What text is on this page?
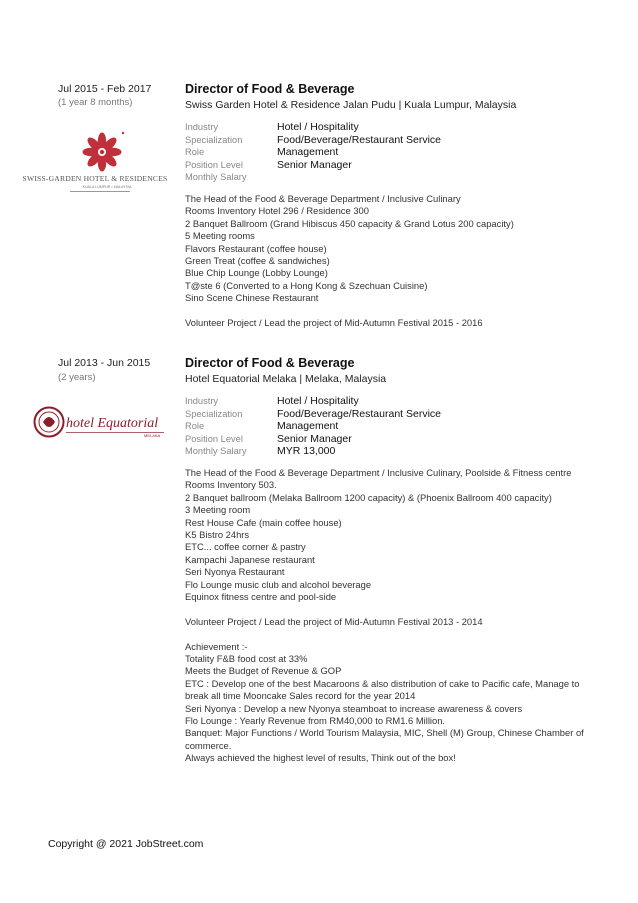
Jul 2015 - Feb 2017
(1 year 8 months)
SWISS-GARDEN HOTEL & RESIDENCES
KUALA LUMPUR • MALAYSIA
Director of Food & Beverage
Swiss Garden Hotel & Residence Jalan Pudu | Kuala Lumpur, Malaysia
Industry	Hotel / Hospitality
Specialization	Food/Beverage/Restaurant Service
Role	Management
Position Level	Senior Manager
Monthly Salary
The Head of the Food & Beverage Department / Inclusive Culinary
Rooms Inventory Hotel 296 / Residence 300
2 Banquet Ballroom (Grand Hibiscus 450 capacity & Grand Lotus 200 capacity)
5 Meeting rooms
Flavors Restaurant (coffee house)
Green Treat (coffee & sandwiches)
Blue Chip Lounge (Lobby Lounge)
T@ste 6 (Converted to a Hong Kong & Szechuan Cuisine)
Sino Scene Chinese Restaurant
Volunteer Project / Lead the project of Mid-Autumn Festival 2015 - 2016
Jul 2013 - Jun 2015
(2 years)
hotel Equatorial
MELAKA
Director of Food & Beverage
Hotel Equatorial Melaka | Melaka, Malaysia
Industry	Hotel / Hospitality
Specialization	Food/Beverage/Restaurant Service
Role	Management
Position Level	Senior Manager
Monthly Salary	MYR 13,000
The Head of the Food & Beverage Department / Inclusive Culinary, Poolside & Fitness centre
Rooms Inventory 503.
2 Banquet ballroom (Melaka Ballroom 1200 capacity) & (Phoenix Ballroom 400 capacity)
3 Meeting room
Rest House Cafe (main coffee house)
K5 Bistro 24hrs
ETC... coffee corner & pastry
Kampachi Japanese restaurant
Seri Nyonya Restaurant
Flo Lounge music club and alcohol beverage
Equinox fitness centre and pool-side
Volunteer Project / Lead the project of Mid-Autumn Festival 2013 - 2014
Achievement :-
Totality F&B food cost at 33%
Meets the Budget of Revenue & GOP
ETC : Develop one of the best Macaroons & also distribution of cake to Pacific cafe, Manage to break all time Mooncake Sales record for the year 2014
Seri Nyonya : Develop a new Nyonya steamboat to increase awareness & covers
Flo Lounge : Yearly Revenue from RM40,000 to RM1.6 Million.
Banquet: Major Functions / World Tourism Malaysia, MIC, Shell (M) Group, Chinese Chamber of commerce.
Always achieved the highest level of results, Think out of the box!
Copyright @ 2021 JobStreet.com
